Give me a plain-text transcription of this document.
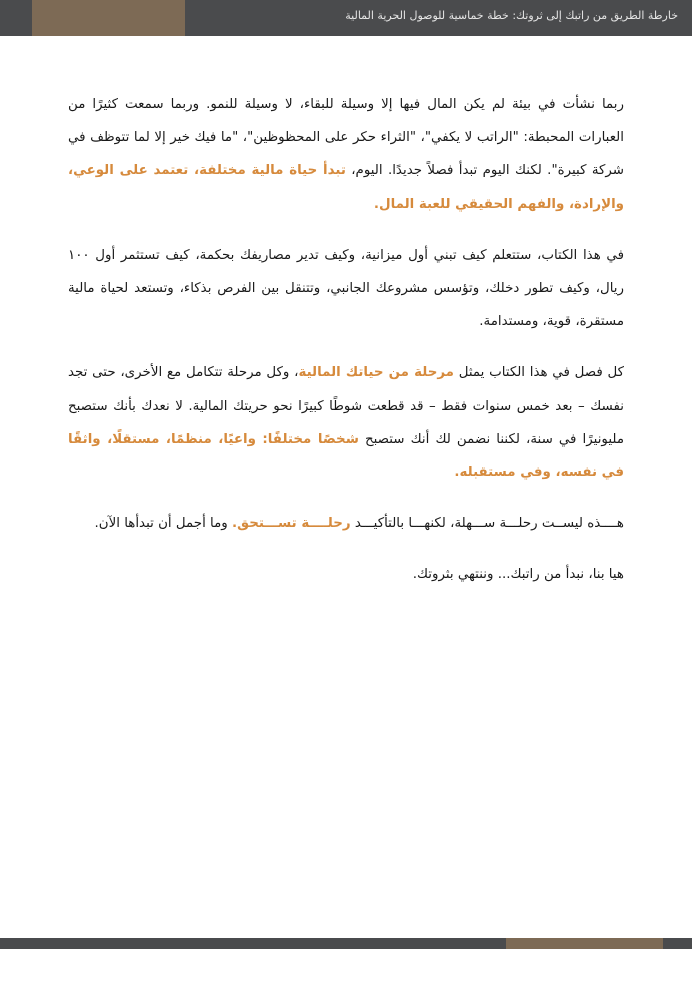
خارطة الطريق من راتبك إلى ثروتك: خطة خماسية للوصول الحرية المالية

ربما نشأت في بيئة لم يكن المال فيها إلا وسيلة للبقاء، لا وسيلة للنمو. وربما سمعت كثيرًا من العبارات المحبطة: "الراتب لا يكفي"، "الثراء حكر على المحظوظين"، "ما فيك خير إلا لما تتوظف في شركة كبيرة". لكنك اليوم تبدأ فصلاً جديدًا. اليوم، تبدأ حياة مالية مختلفة، تعتمد على الوعي، والإرادة، والفهم الحقيقي للعبة المال.

في هذا الكتاب، ستتعلم كيف تبني أول ميزانية، وكيف تدير مصاريفك بحكمة، كيف تستثمر أول ١٠٠ ريال، وكيف تطور دخلك، وتؤسس مشروعك الجانبي، وتتنقل بين الفرص بذكاء، وتستعد لحياة مالية مستقرة، قوية، ومستدامة.

كل فصل في هذا الكتاب يمثل مرحلة من حياتك المالية، وكل مرحلة تتكامل مع الأخرى، حتى تجد نفسك – بعد خمس سنوات فقط – قد قطعت شوطًا كبيرًا نحو حريتك المالية. لا نعدك بأنك ستصبح مليونيرًا في سنة، لكننا نضمن لك أنك ستصبح شخصًا مختلفًا: واعيًا، منظمًا، مستقلًا، واثقًا في نفسه، وفي مستقبله.

هــــذه ليســت رحلـــة ســـهلة، لكنهـــا بالتأكيـــد رحلــــة تســـتحق. وما أجمل أن تبدأها الآن.

هيا بنا، نبدأ من راتبك... وننتهي بثروتك.
